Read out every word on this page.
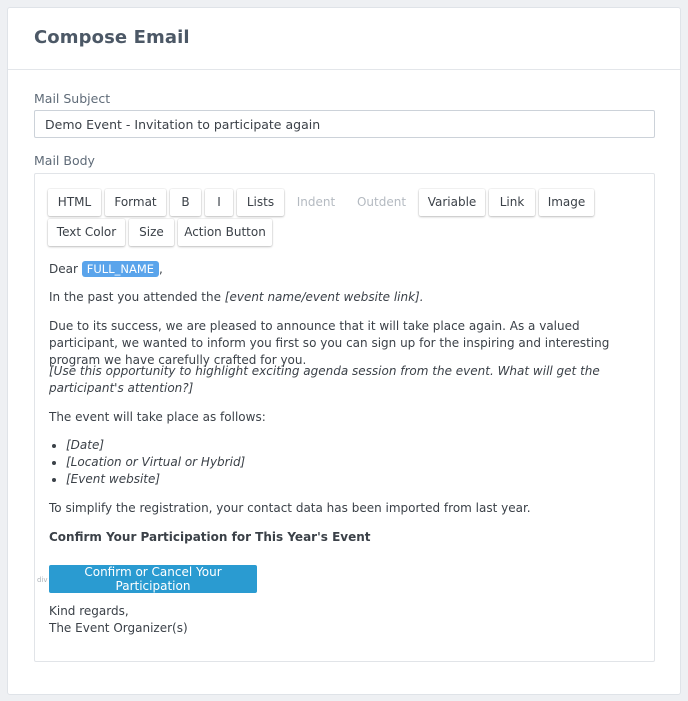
Compose Email
Mail Subject
Demo Event - Invitation to participate again
Mail Body
HTML	Format	B	I	Lists	Indent	Outdent	Variable	Link	Image
Text Color	Size	Action Button

Dear FULL_NAME ,

In the past you attended the [event name/event website link].

Due to its success, we are pleased to announce that it will take place again. As a valued participant, we wanted to inform you first so you can sign up for the inspiring and interesting program we have carefully crafted for you.

[Use this opportunity to highlight exciting agenda session from the event. What will get the participant's attention?]

The event will take place as follows:

• [Date]
• [Location or Virtual or Hybrid]
• [Event website]

To simplify the registration, your contact data has been imported from last year.

Confirm Your Participation for This Year's Event

Confirm or Cancel Your Participation

Kind regards,

The Event Organizer(s)

div
